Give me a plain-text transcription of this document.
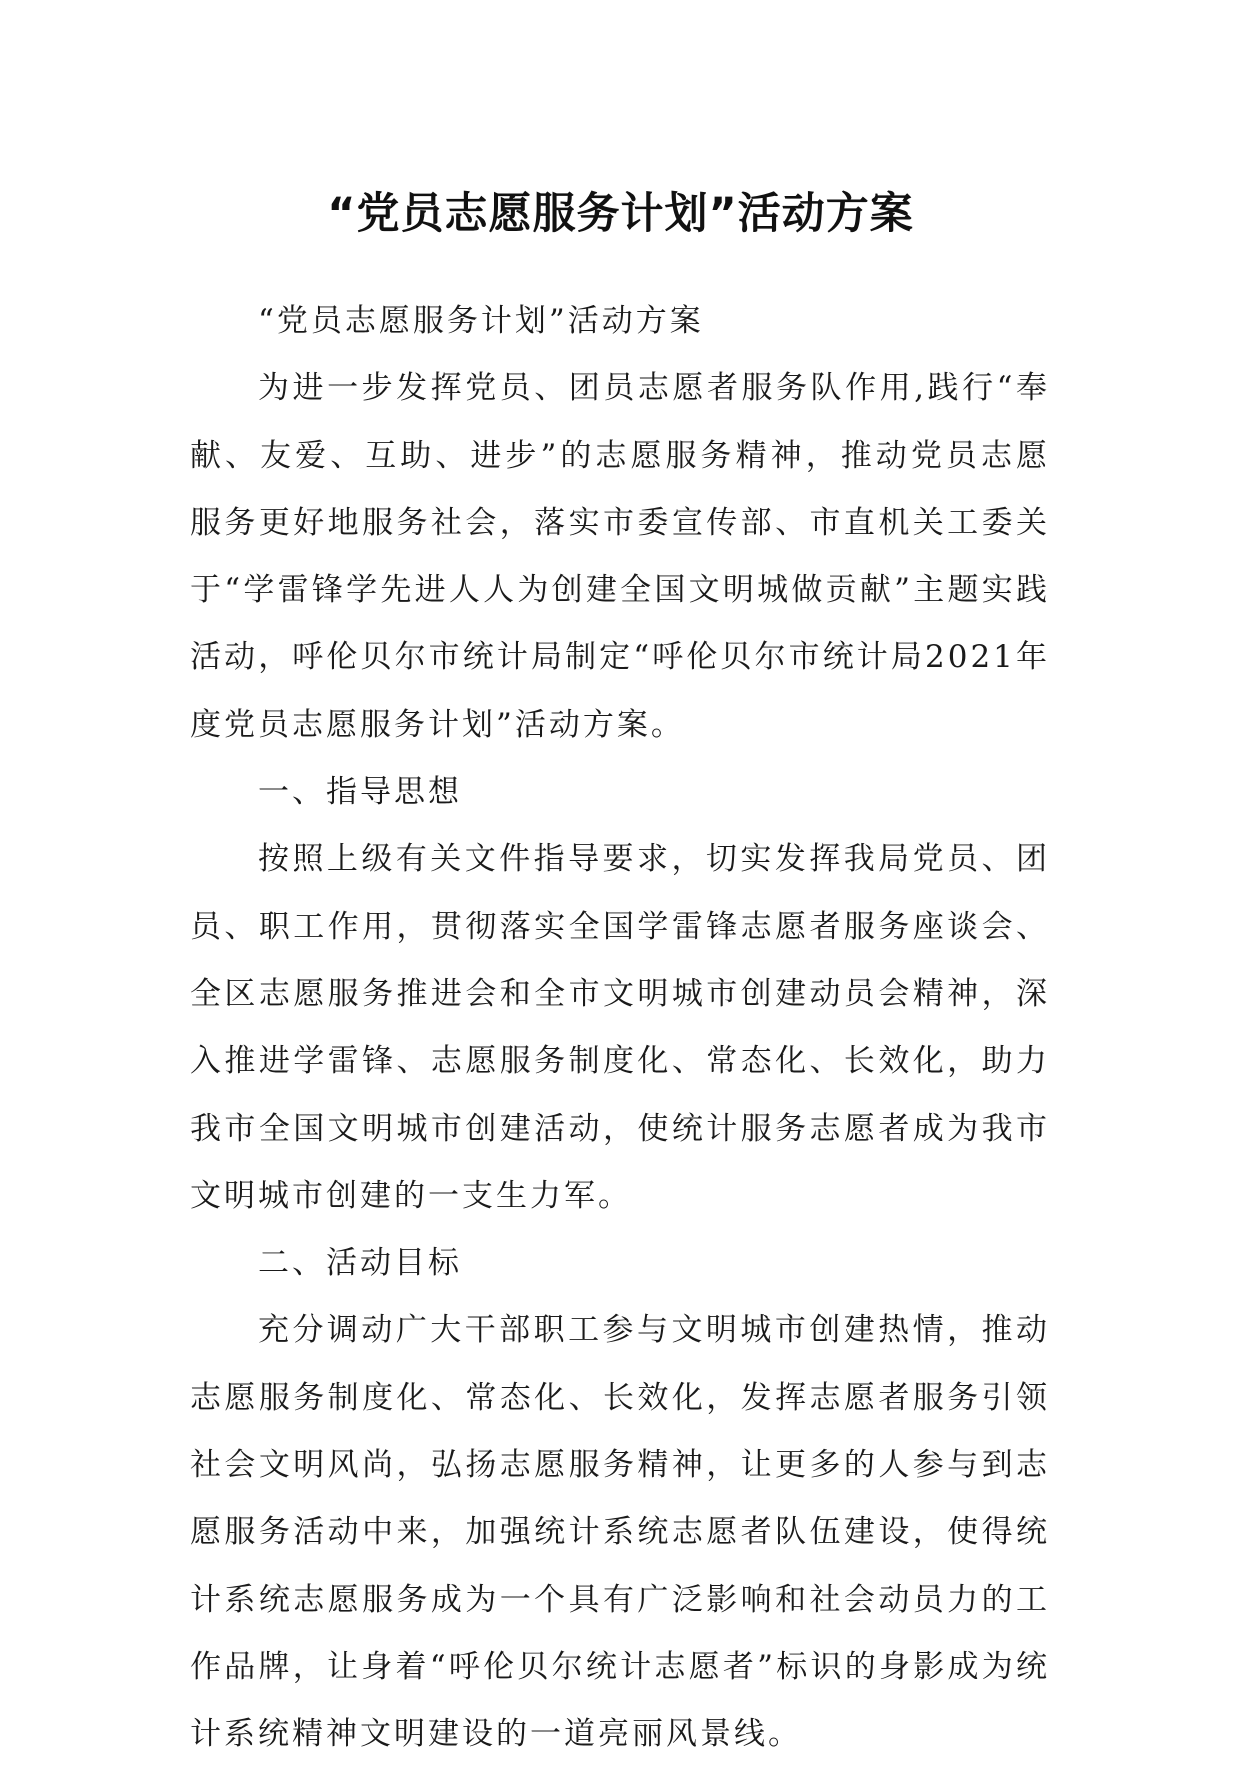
“党员志愿服务计划”活动方案

“党员志愿服务计划”活动方案

为进一步发挥党员、团员志愿者服务队作用,践行“奉献、友爱、互助、进步”的志愿服务精神，推动党员志愿服务更好地服务社会，落实市委宣传部、市直机关工委关于“学雷锋学先进人人为创建全国文明城做贡献”主题实践活动，呼伦贝尔市统计局制定“呼伦贝尔市统计局2021年度党员志愿服务计划”活动方案。

一、指导思想

按照上级有关文件指导要求，切实发挥我局党员、团员、职工作用，贯彻落实全国学雷锋志愿者服务座谈会、全区志愿服务推进会和全市文明城市创建动员会精神，深入推进学雷锋、志愿服务制度化、常态化、长效化，助力我市全国文明城市创建活动，使统计服务志愿者成为我市文明城市创建的一支生力军。

二、活动目标

充分调动广大干部职工参与文明城市创建热情，推动志愿服务制度化、常态化、长效化，发挥志愿者服务引领社会文明风尚，弘扬志愿服务精神，让更多的人参与到志愿服务活动中来，加强统计系统志愿者队伍建设，使得统计系统志愿服务成为一个具有广泛影响和社会动员力的工作品牌，让身着“呼伦贝尔统计志愿者”标识的身影成为统计系统精神文明建设的一道亮丽风景线。
